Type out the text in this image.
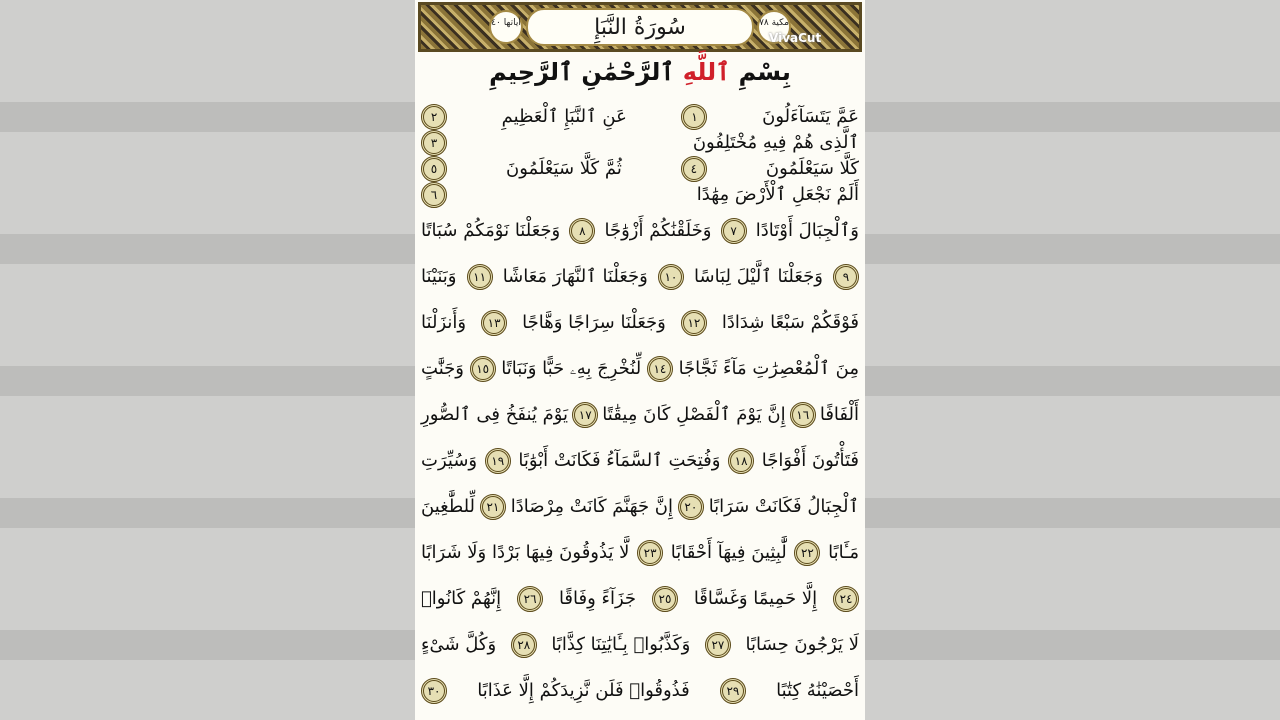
آياتها ٤٠	سُورَةُ النَّبَإِ	مكية ٧٨
VivaCut
بِسْمِ ٱللَّهِ ٱلرَّحْمَٰنِ ٱلرَّحِيمِ
عَمَّ يَتَسَآءَلُونَ
١
عَنِ ٱلنَّبَإِ ٱلْعَظِيمِ
٢
ٱلَّذِى هُمْ فِيهِ مُخْتَلِفُونَ
٣
كَلَّا سَيَعْلَمُونَ
٤
ثُمَّ كَلَّا سَيَعْلَمُونَ
٥
أَلَمْ نَجْعَلِ ٱلْأَرْضَ مِهَٰدًا
٦
وَٱلْجِبَالَ أَوْتَادًا
٧
وَخَلَقْنَٰكُمْ أَزْوَٰجًا
٨
وَجَعَلْنَا نَوْمَكُمْ سُبَاتًا
٩
وَجَعَلْنَا ٱلَّيْلَ لِبَاسًا
١٠
وَجَعَلْنَا ٱلنَّهَارَ مَعَاشًا
١١
وَبَنَيْنَا
فَوْقَكُمْ سَبْعًا شِدَادًا
١٢
وَجَعَلْنَا سِرَاجًا وَهَّاجًا
١٣
وَأَنزَلْنَا
مِنَ ٱلْمُعْصِرَٰتِ مَآءً ثَجَّاجًا
١٤
لِّنُخْرِجَ بِهِۦ حَبًّا وَنَبَاتًا
١٥
وَجَنَّٰتٍ
أَلْفَافًا
١٦
إِنَّ يَوْمَ ٱلْفَصْلِ كَانَ مِيقَٰتًا
١٧
يَوْمَ يُنفَخُ فِى ٱلصُّورِ
فَتَأْتُونَ أَفْوَاجًا
١٨
وَفُتِحَتِ ٱلسَّمَآءُ فَكَانَتْ أَبْوَٰبًا
١٩
وَسُيِّرَتِ
ٱلْجِبَالُ فَكَانَتْ سَرَابًا
٢٠
إِنَّ جَهَنَّمَ كَانَتْ مِرْصَادًا
٢١
لِّلطَّٰغِينَ
مَـَٔابًا
٢٢
لَّٰبِثِينَ فِيهَآ أَحْقَابًا
٢٣
لَّا يَذُوقُونَ فِيهَا بَرْدًا وَلَا شَرَابًا
٢٤
إِلَّا حَمِيمًا وَغَسَّاقًا
٢٥
جَزَآءً وِفَاقًا
٢٦
إِنَّهُمْ كَانُوا۟
لَا يَرْجُونَ حِسَابًا
٢٧
وَكَذَّبُوا۟ بِـَٔايَٰتِنَا كِذَّابًا
٢٨
وَكُلَّ شَىْءٍ
أَحْصَيْنَٰهُ كِتَٰبًا
٢٩
فَذُوقُوا۟ فَلَن نَّزِيدَكُمْ إِلَّا عَذَابًا
٣٠
